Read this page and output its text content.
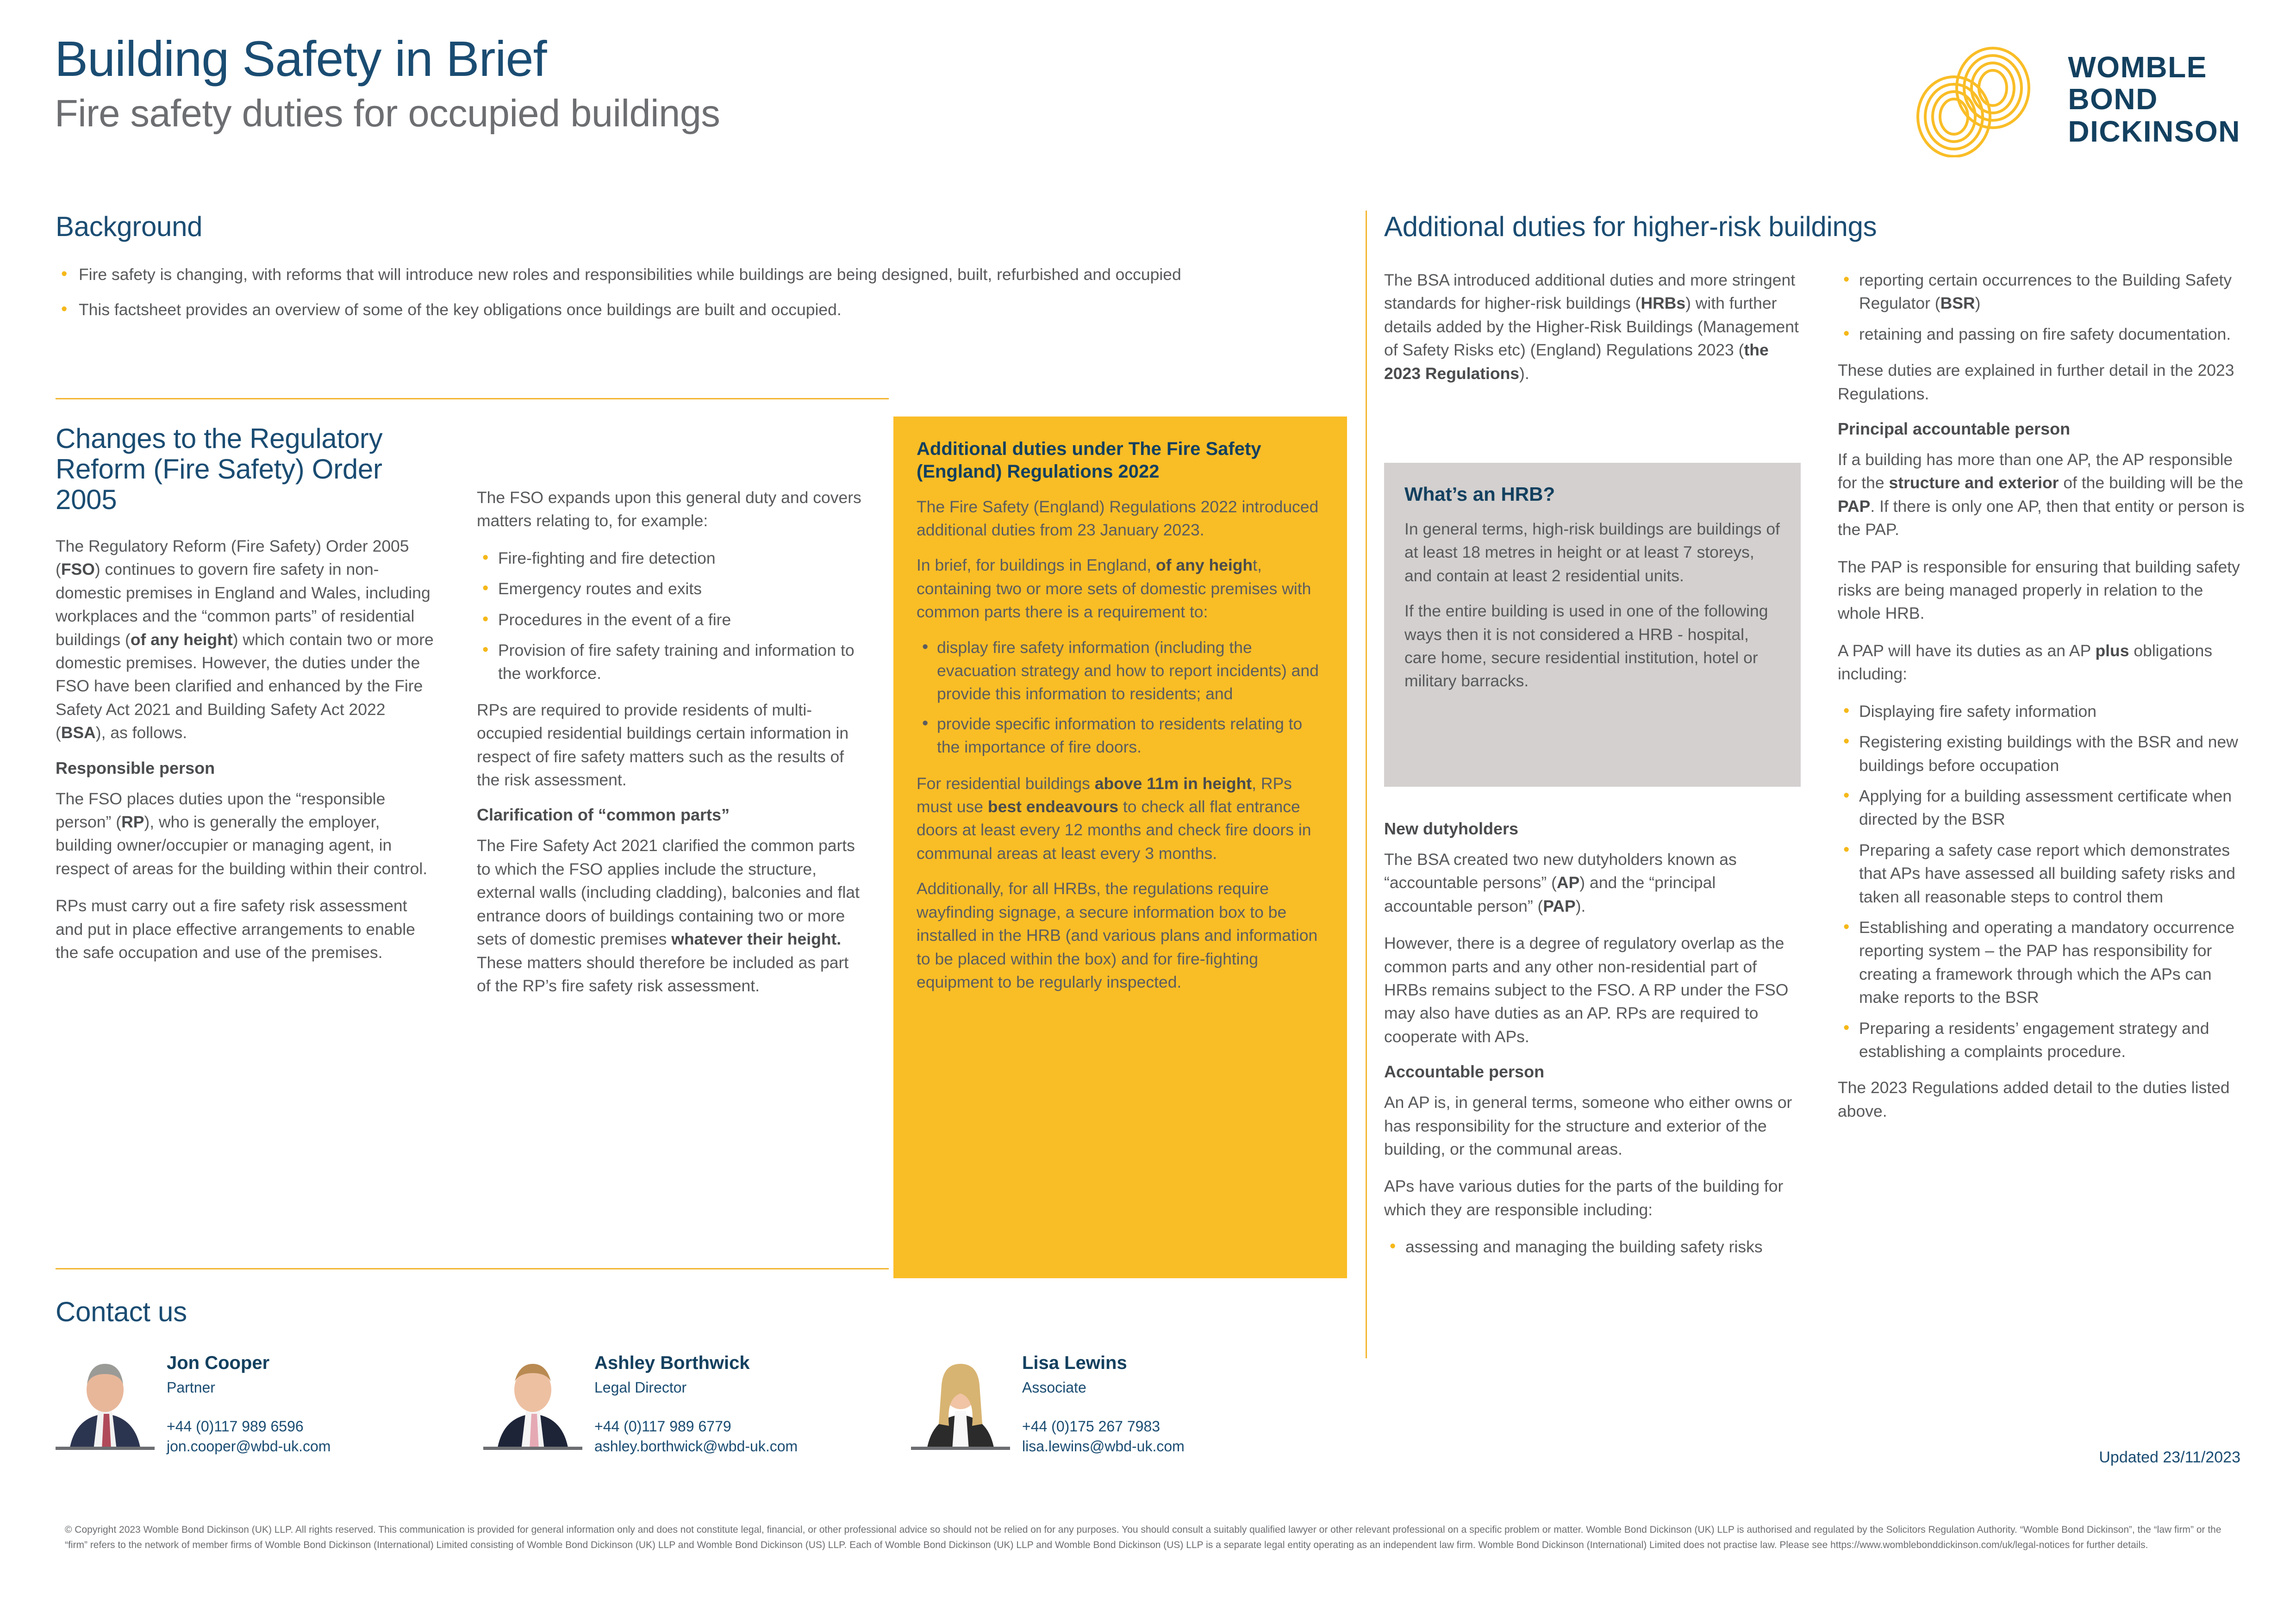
Building Safety in Brief
Fire safety duties for occupied buildings
WOMBLE
BOND
DICKINSON
Background
• Fire safety is changing, with reforms that will introduce new roles and responsibilities while buildings are being designed, built, refurbished and occupied
• This factsheet provides an overview of some of the key obligations once buildings are built and occupied.
Changes to the Regulatory Reform (Fire Safety) Order 2005

The Regulatory Reform (Fire Safety) Order 2005 (FSO) continues to govern fire safety in non-domestic premises in England and Wales, including workplaces and the “common parts” of residential buildings (of any height) which contain two or more domestic premises. However, the duties under the FSO have been clarified and enhanced by the Fire Safety Act 2021 and Building Safety Act 2022 (BSA), as follows.

Responsible person

The FSO places duties upon the “responsible person” (RP), who is generally the employer, building owner/occupier or managing agent, in respect of areas for the building within their control.

RPs must carry out a fire safety risk assessment and put in place effective arrangements to enable the safe occupation and use of the premises.

The FSO expands upon this general duty and covers matters relating to, for example:

• Fire-fighting and fire detection
• Emergency routes and exits
• Procedures in the event of a fire
• Provision of fire safety training and information to the workforce.

RPs are required to provide residents of multi-occupied residential buildings certain information in respect of fire safety matters such as the results of the risk assessment.

Clarification of “common parts”

The Fire Safety Act 2021 clarified the common parts to which the FSO applies include the structure, external walls (including cladding), balconies and flat entrance doors of buildings containing two or more sets of domestic premises whatever their height. These matters should therefore be included as part of the RP’s fire safety risk assessment.

Additional duties under The Fire Safety (England) Regulations 2022

The Fire Safety (England) Regulations 2022 introduced additional duties from 23 January 2023.

In brief, for buildings in England, of any height, containing two or more sets of domestic premises with common parts there is a requirement to:

• display fire safety information (including the evacuation strategy and how to report incidents) and provide this information to residents; and
• provide specific information to residents relating to the importance of fire doors.

For residential buildings above 11m in height, RPs must use best endeavours to check all flat entrance doors at least every 12 months and check fire doors in communal areas at least every 3 months.

Additionally, for all HRBs, the regulations require wayfinding signage, a secure information box to be installed in the HRB (and various plans and information to be placed within the box) and for fire-fighting equipment to be regularly inspected.

Additional duties for higher-risk buildings

The BSA introduced additional duties and more stringent standards for higher-risk buildings (HRBs) with further details added by the Higher-Risk Buildings (Management of Safety Risks etc) (England) Regulations 2023 (the 2023 Regulations).

What’s an HRB?

In general terms, high-risk buildings are buildings of at least 18 metres in height or at least 7 storeys, and contain at least 2 residential units.

If the entire building is used in one of the following ways then it is not considered a HRB - hospital, care home, secure residential institution, hotel or military barracks.

New dutyholders

The BSA created two new dutyholders known as “accountable persons” (AP) and the “principal accountable person” (PAP).

However, there is a degree of regulatory overlap as the common parts and any other non-residential part of HRBs remains subject to the FSO. A RP under the FSO may also have duties as an AP. RPs are required to cooperate with APs.

Accountable person

An AP is, in general terms, someone who either owns or has responsibility for the structure and exterior of the building, or the communal areas.

APs have various duties for the parts of the building for which they are responsible including:

• assessing and managing the building safety risks
• reporting certain occurrences to the Building Safety Regulator (BSR)
• retaining and passing on fire safety documentation.

These duties are explained in further detail in the 2023 Regulations.

Principal accountable person

If a building has more than one AP, the AP responsible for the structure and exterior of the building will be the PAP. If there is only one AP, then that entity or person is the PAP.

The PAP is responsible for ensuring that building safety risks are being managed properly in relation to the whole HRB.

A PAP will have its duties as an AP plus obligations including:

• Displaying fire safety information
• Registering existing buildings with the BSR and new buildings before occupation
• Applying for a building assessment certificate when directed by the BSR
• Preparing a safety case report which demonstrates that APs have assessed all building safety risks and taken all reasonable steps to control them
• Establishing and operating a mandatory occurrence reporting system – the PAP has responsibility for creating a framework through which the APs can make reports to the BSR
• Preparing a residents’ engagement strategy and establishing a complaints procedure.

The 2023 Regulations added detail to the duties listed above.

Contact us
Jon Cooper
Partner
+44 (0)117 989 6596
jon.cooper@wbd-uk.com
Ashley Borthwick
Legal Director
+44 (0)117 989 6779
ashley.borthwick@wbd-uk.com
Lisa Lewins
Associate
+44 (0)175 267 7983
lisa.lewins@wbd-uk.com
Updated 23/11/2023
© Copyright 2023 Womble Bond Dickinson (UK) LLP. All rights reserved. This communication is provided for general information only and does not constitute legal, financial, or other professional advice so should not be relied on for any purposes. You should consult a suitably qualified lawyer or other relevant professional on a specific problem or matter. Womble Bond Dickinson (UK) LLP is authorised and regulated by the Solicitors Regulation Authority. “Womble Bond Dickinson”, the “law firm” or the “firm” refers to the network of member firms of Womble Bond Dickinson (International) Limited consisting of Womble Bond Dickinson (UK) LLP and Womble Bond Dickinson (US) LLP. Each of Womble Bond Dickinson (UK) LLP and Womble Bond Dickinson (US) LLP is a separate legal entity operating as an independent law firm. Womble Bond Dickinson (International) Limited does not practise law. Please see https://www.womblebonddickinson.com/uk/legal-notices for further details.
